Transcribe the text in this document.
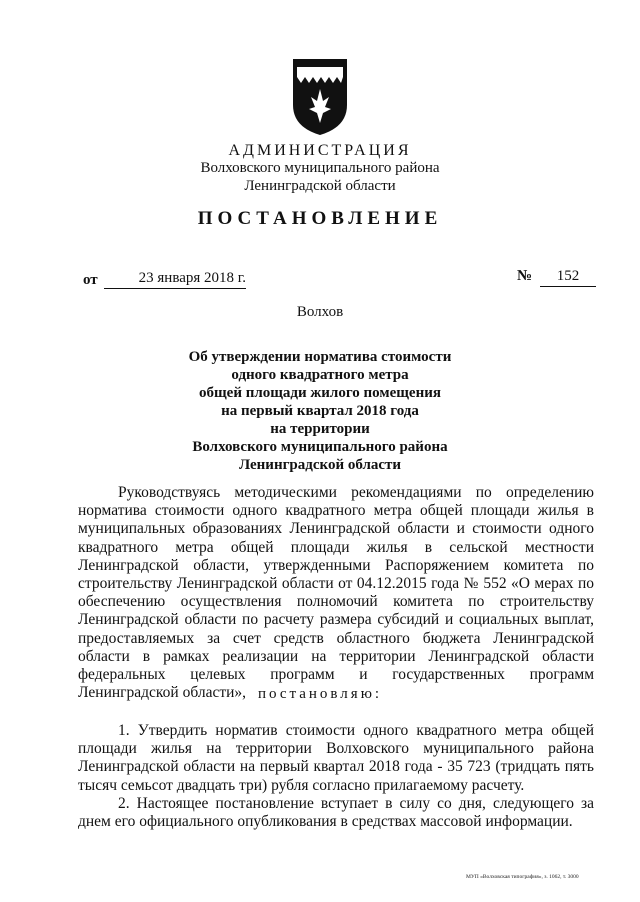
АДМИНИСТРАЦИЯ
Волховского муниципального района
Ленинградской области
ПОСТАНОВЛЕНИЕ
от	23 января 2018 г.	№	152
Волхов
Об утверждении норматива стоимости
одного квадратного метра
общей площади жилого помещения
на первый квартал 2018 года
на территории
Волховского муниципального района
Ленинградской области
Руководствуясь методическими рекомендациями по определению норматива стоимости одного квадратного метра общей площади жилья в муниципальных образованиях Ленинградской области и стоимости одного квадратного метра общей площади жилья в сельской местности Ленинградской области, утвержденными Распоряжением комитета по строительству Ленинградской области от 04.12.2015 года № 552 «О мерах по обеспечению осуществления полномочий комитета по строительству Ленинградской области по расчету размера субсидий и социальных выплат, предоставляемых за счет средств областного бюджета Ленинградской области в рамках реализации на территории Ленинградской области федеральных целевых программ и государственных программ Ленинградской области», постановляю:
1. Утвердить норматив стоимости одного квадратного метра общей площади жилья на территории Волховского муниципального района Ленинградской области на первый квартал 2018 года - 35 723 (тридцать пять тысяч семьсот двадцать три) рубля согласно прилагаемому расчету.
2. Настоящее постановление вступает в силу со дня, следующего за днем его официального опубликования в средствах массовой информации.
МУП «Волховская типография», з. 1062, т. 3000
